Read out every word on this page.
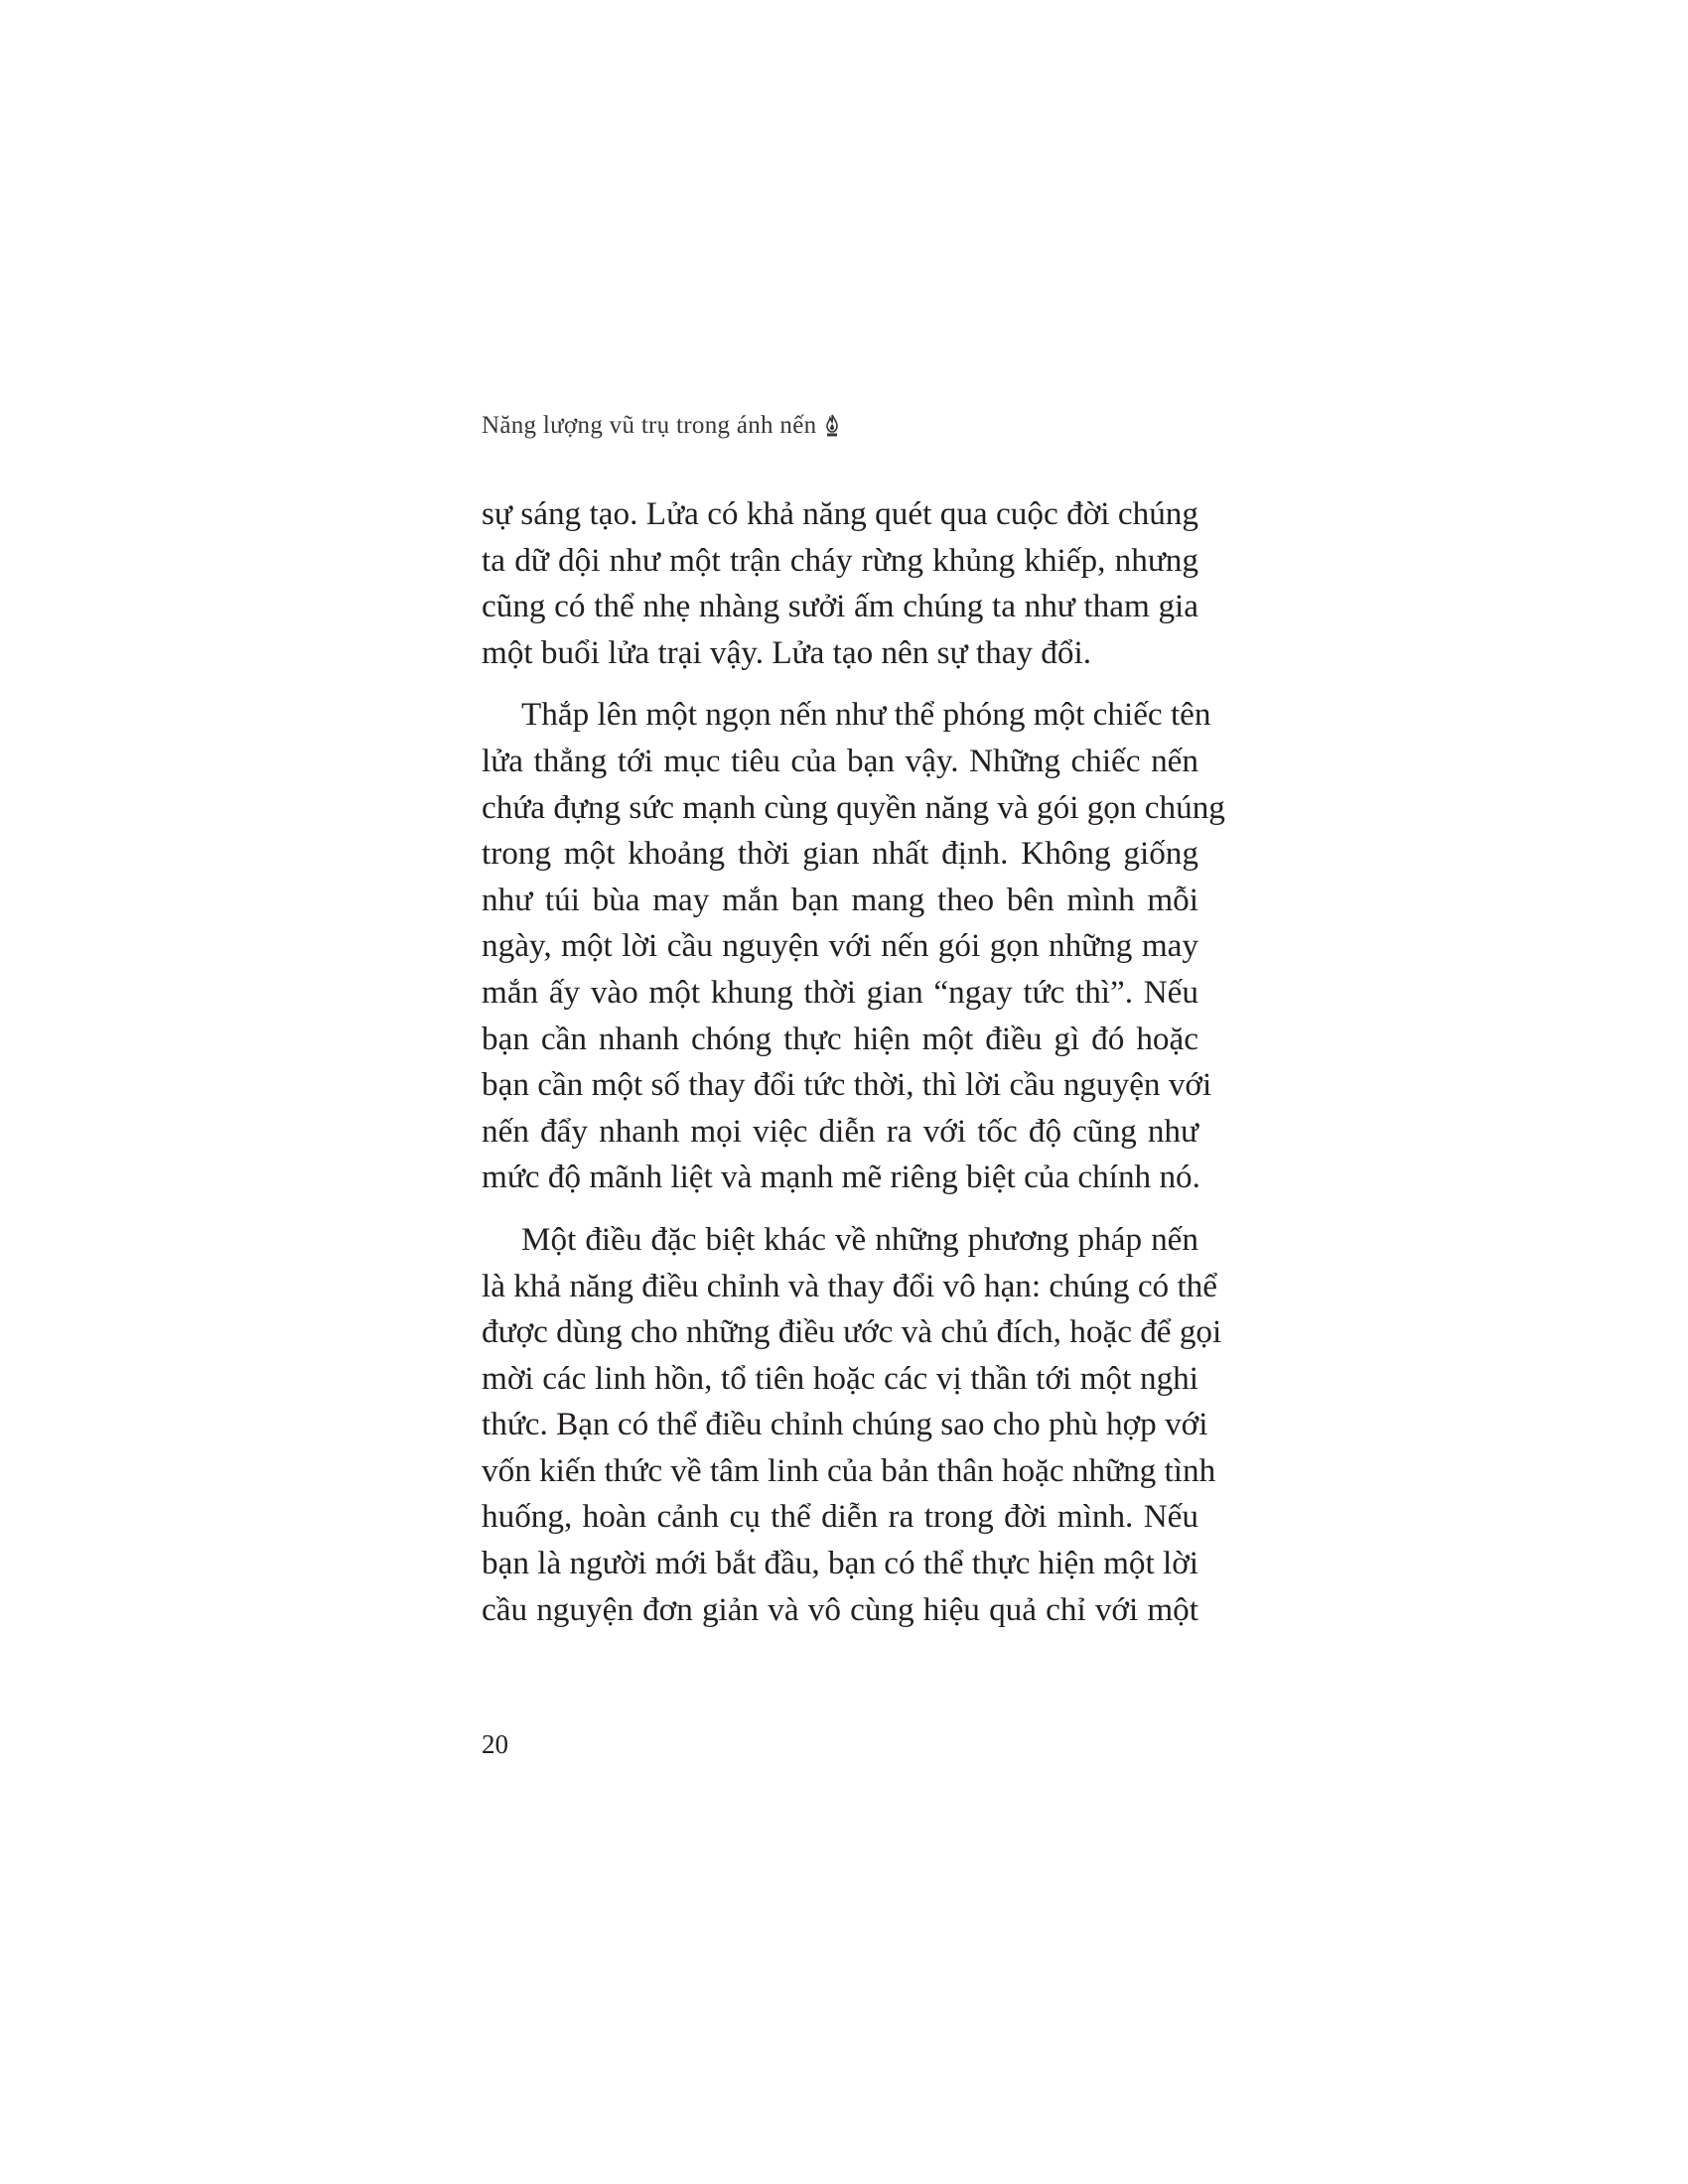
Năng lượng vũ trụ trong ánh nến

sự sáng tạo. Lửa có khả năng quét qua cuộc đời chúng
ta dữ dội như một trận cháy rừng khủng khiếp, nhưng
cũng có thể nhẹ nhàng sưởi ấm chúng ta như tham gia
một buổi lửa trại vậy. Lửa tạo nên sự thay đổi.

Thắp lên một ngọn nến như thể phóng một chiếc tên
lửa thẳng tới mục tiêu của bạn vậy. Những chiếc nến
chứa đựng sức mạnh cùng quyền năng và gói gọn chúng
trong một khoảng thời gian nhất định. Không giống
như túi bùa may mắn bạn mang theo bên mình mỗi
ngày, một lời cầu nguyện với nến gói gọn những may
mắn ấy vào một khung thời gian “ngay tức thì”. Nếu
bạn cần nhanh chóng thực hiện một điều gì đó hoặc
bạn cần một số thay đổi tức thời, thì lời cầu nguyện với
nến đẩy nhanh mọi việc diễn ra với tốc độ cũng như
mức độ mãnh liệt và mạnh mẽ riêng biệt của chính nó.

Một điều đặc biệt khác về những phương pháp nến
là khả năng điều chỉnh và thay đổi vô hạn: chúng có thể
được dùng cho những điều ước và chủ đích, hoặc để gọi
mời các linh hồn, tổ tiên hoặc các vị thần tới một nghi
thức. Bạn có thể điều chỉnh chúng sao cho phù hợp với
vốn kiến thức về tâm linh của bản thân hoặc những tình
huống, hoàn cảnh cụ thể diễn ra trong đời mình. Nếu
bạn là người mới bắt đầu, bạn có thể thực hiện một lời
cầu nguyện đơn giản và vô cùng hiệu quả chỉ với một

20
